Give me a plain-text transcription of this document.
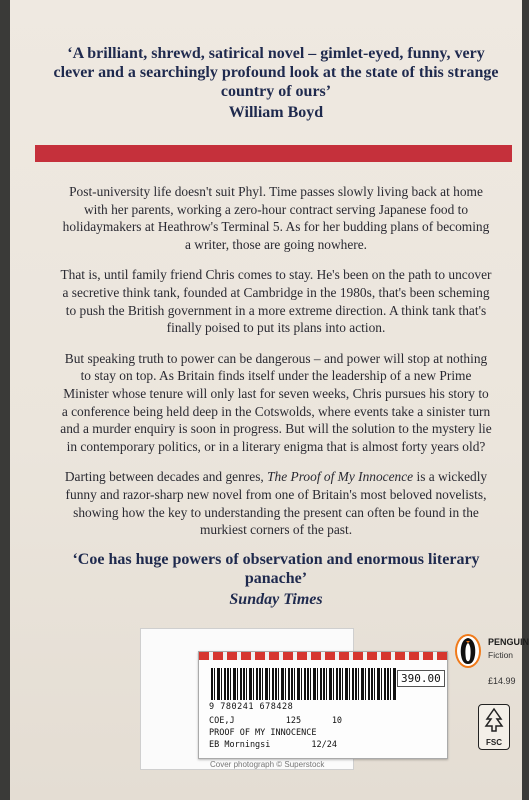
‘A brilliant, shrewd, satirical novel – gimlet-eyed, funny, very clever and a searchingly profound look at the state of this strange country of ours’
William Boyd

Post-university life doesn't suit Phyl. Time passes slowly living back at home with her parents, working a zero-hour contract serving Japanese food to holidaymakers at Heathrow's Terminal 5. As for her budding plans of becoming a writer, those are going nowhere.

That is, until family friend Chris comes to stay. He's been on the path to uncover a secretive think tank, founded at Cambridge in the 1980s, that's been scheming to push the British government in a more extreme direction. A think tank that's finally poised to put its plans into action.

But speaking truth to power can be dangerous – and power will stop at nothing to stay on top. As Britain finds itself under the leadership of a new Prime Minister whose tenure will only last for seven weeks, Chris pursues his story to a conference being held deep in the Cotswolds, where events take a sinister turn and a murder enquiry is soon in progress. But will the solution to the mystery lie in contemporary politics, or in a literary enigma that is almost forty years old?

Darting between decades and genres, The Proof of My Innocence is a wickedly funny and razor-sharp new novel from one of Britain's most beloved novelists, showing how the key to understanding the present can often be found in the murkiest corners of the past.

‘Coe has huge powers of observation and enormous literary panache’
Sunday Times
PENGUIN
Fiction
£14.99
FSC
390.00
9 780241 678428
COE,J          125      10
PROOF OF MY INNOCENCE
EB Morningsi        12/24
Cover photograph © Superstock
